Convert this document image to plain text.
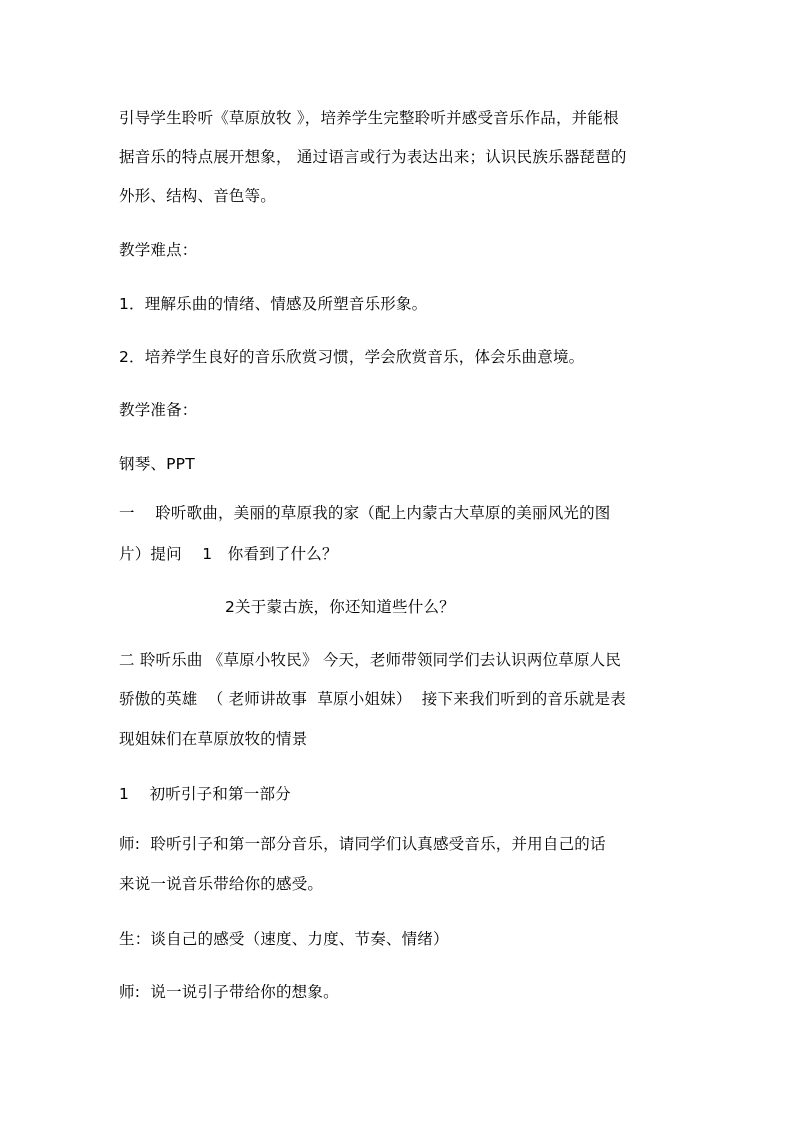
引导学生聆听《草原放牧 》，培养学生完整聆听并感受音乐作品，并能根
据音乐的特点展开想象， 通过语言或行为表达出来；认识民族乐器琵琶的
外形、结构、音色等。
教学难点：
1．理解乐曲的情绪、情感及所塑音乐形象。
2．培养学生良好的音乐欣赏习惯，学会欣赏音乐，体会乐曲意境。
教学准备：
钢琴、PPT
一    聆听歌曲，美丽的草原我的家（配上内蒙古大草原的美丽风光的图
片）提问    1   你看到了什么？
2关于蒙古族，你还知道些什么？
二 聆听乐曲 《草原小牧民》 今天，老师带领同学们去认识两位草原人民
骄傲的英雄  （ 老师讲故事  草原小姐妹）  接下来我们听到的音乐就是表
现姐妹们在草原放牧的情景
1    初听引子和第一部分
师:  聆听引子和第一部分音乐，请同学们认真感受音乐，并用自己的话
来说一说音乐带给你的感受。
生：谈自己的感受（速度、力度、节奏、情绪）
师:  说一说引子带给你的想象。
